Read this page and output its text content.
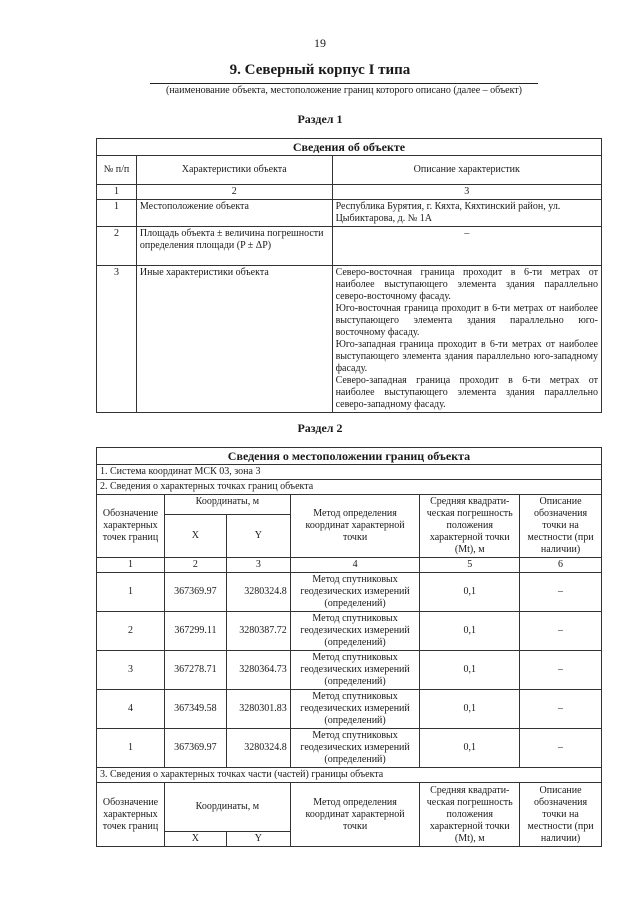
19
9. Северный корпус I типа
(наименование объекта, местоположение границ которого описано (далее – объект)
Раздел 1
Сведения об объекте		
№ п/п	Характеристики объекта	Описание характеристик
1	2	3
1	Местоположение объекта	Республика Бурятия, г. Кяхта, Кяхтинский район, ул. Цыбиктарова, д. № 1А
2	Площадь объекта ± величина погрешности определения площади (P ± ΔP)	–
3	Иные характеристики объекта	Северо-восточная граница проходит в 6-ти метрах от наиболее выступающего элемента здания параллельно северо-восточному фасаду.

Юго-восточная граница проходит в 6-ти метрах от наиболее выступающего элемента здания параллельно юго-восточному фасаду.

Юго-западная граница проходит в 6-ти метрах от наиболее выступающего элемента здания параллельно юго-западному фасаду.

Северо-западная граница проходит в 6-ти метрах от наиболее выступающего элемента здания параллельно северо-западному фасаду.

Раздел 2
Сведения о местоположении границ объекта					
1. Система координат МСК 03, зона 3					
2. Сведения о характерных точках границ объекта					
Обозначение характерных точек границ	Координаты, м		Метод определения координат характерной точки	Средняя квадрати-ческая погрешность положения характерной точки (Mt), м	Описание обозначения точки на местности (при наличии)
	X	Y			
1	2	3	4	5	6
1	367369.97	3280324.8	Метод спутниковых геодезических измерений (определений)	0,1	–
2	367299.11	3280387.72	Метод спутниковых геодезических измерений (определений)	0,1	–
3	367278.71	3280364.73	Метод спутниковых геодезических измерений (определений)	0,1	–
4	367349.58	3280301.83	Метод спутниковых геодезических измерений (определений)	0,1	–
1	367369.97	3280324.8	Метод спутниковых геодезических измерений (определений)	0,1	–
3. Сведения о характерных точках части (частей) границы объекта					
Обозначение характерных точек границ	Координаты, м		Метод определения координат характерной точки	Средняя квадрати-ческая погрешность положения характерной точки (Mt), м	Описание обозначения точки на местности (при наличии)
	X	Y			
